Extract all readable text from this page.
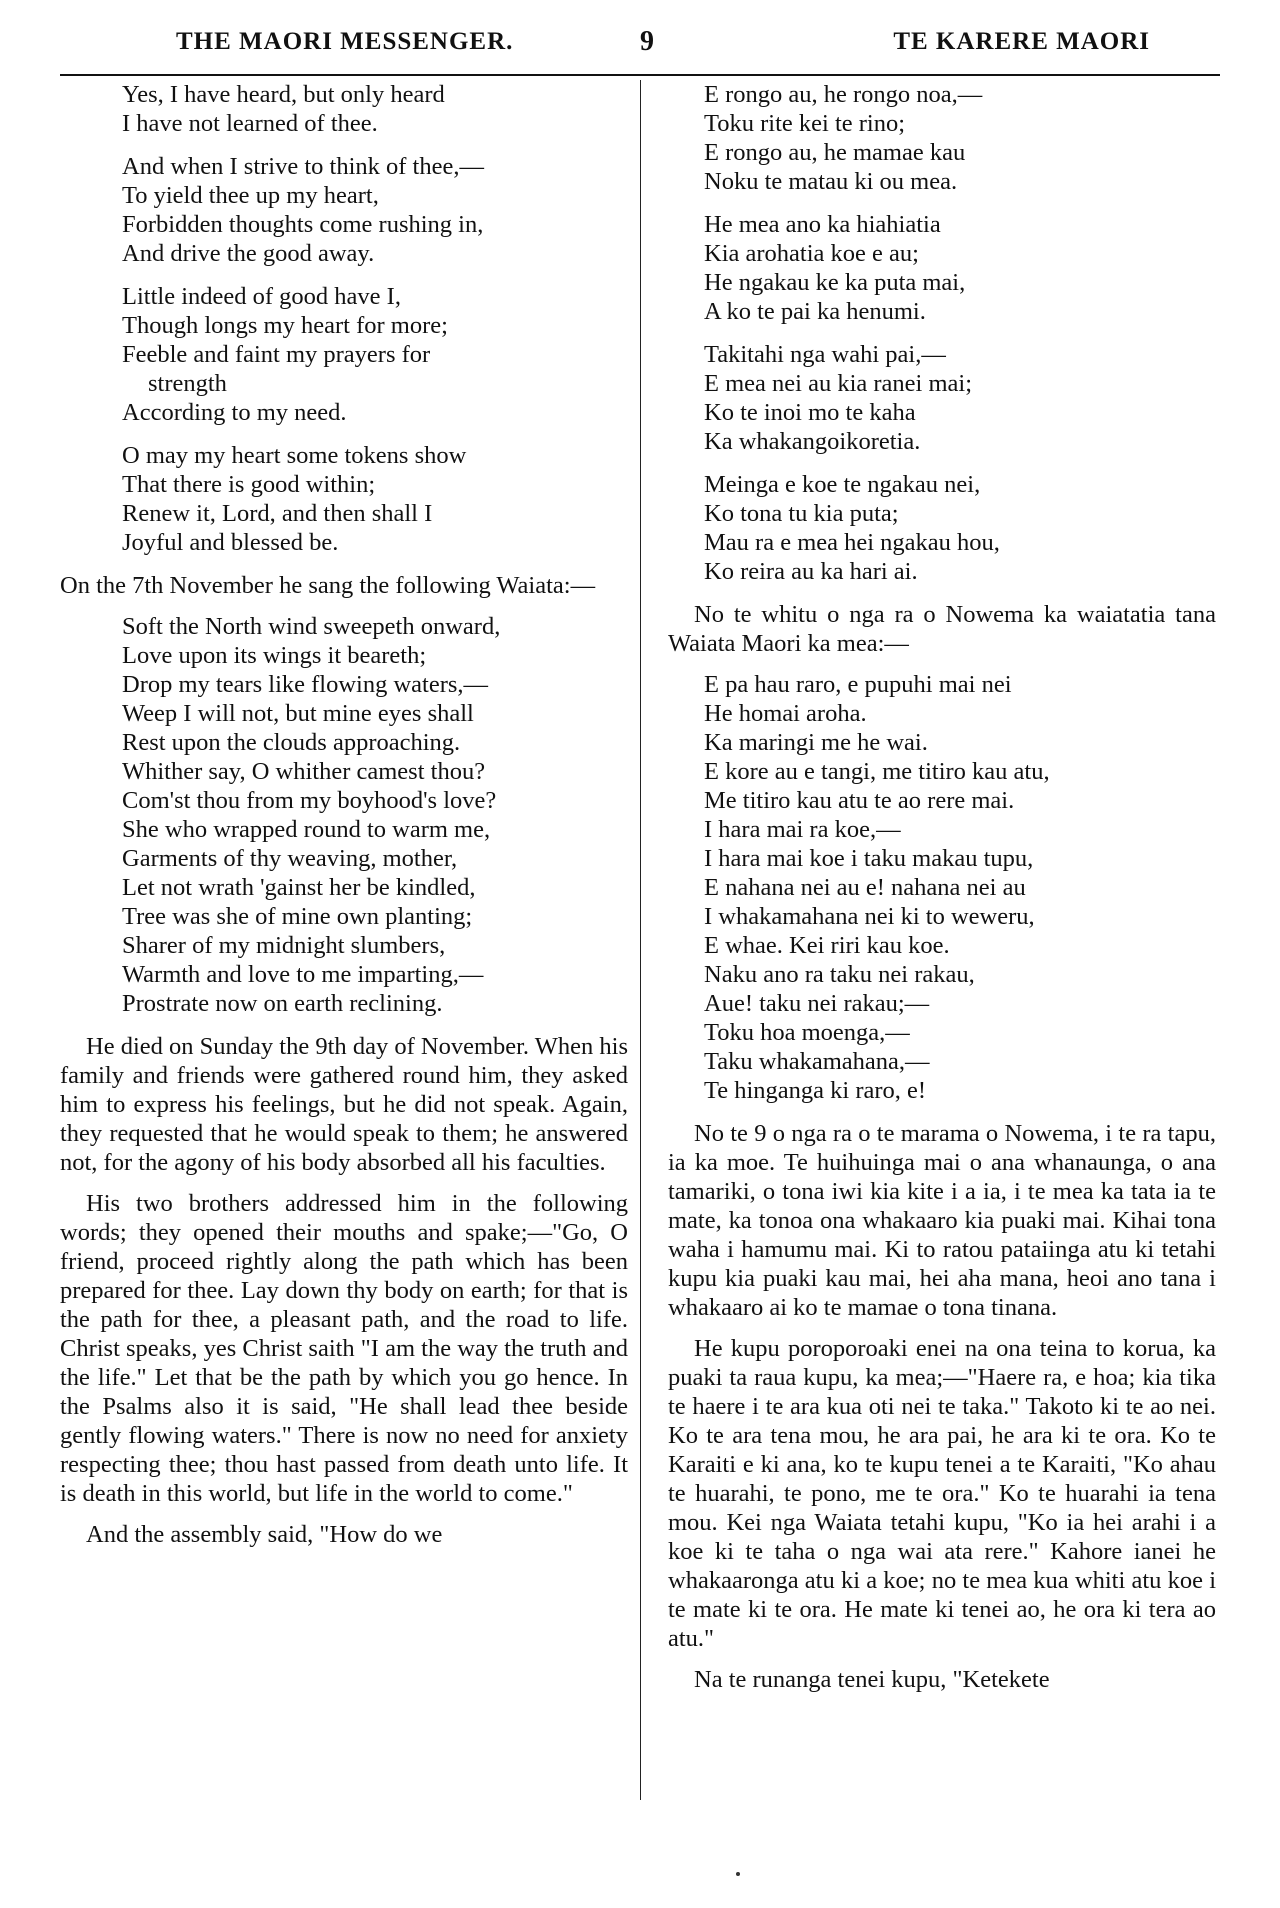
THE MAORI MESSENGER.	9	TE KARERE MAORI
Yes, I have heard, but only heard
I have not learned of thee.
And when I strive to think of thee,—
To yield thee up my heart,
Forbidden thoughts come rushing in,
And drive the good away.
Little indeed of good have I,
Though longs my heart for more;
Feeble and faint my prayers for
strength
According to my need.
O may my heart some tokens show
That there is good within;
Renew it, Lord, and then shall I
Joyful and blessed be.

On the 7th November he sang the following Waiata:—

Soft the North wind sweepeth onward,
Love upon its wings it beareth;
Drop my tears like flowing waters,—
Weep I will not, but mine eyes shall
Rest upon the clouds approaching.
Whither say, O whither camest thou?
Com'st thou from my boyhood's love?
She who wrapped round to warm me,
Garments of thy weaving, mother,
Let not wrath 'gainst her be kindled,
Tree was she of mine own planting;
Sharer of my midnight slumbers,
Warmth and love to me imparting,—
Prostrate now on earth reclining.

He died on Sunday the 9th day of November. When his family and friends were gathered round him, they asked him to express his feelings, but he did not speak. Again, they requested that he would speak to them; he answered not, for the agony of his body absorbed all his faculties.

His two brothers addressed him in the following words; they opened their mouths and spake;—"Go, O friend, proceed rightly along the path which has been prepared for thee. Lay down thy body on earth; for that is the path for thee, a pleasant path, and the road to life. Christ speaks, yes Christ saith "I am the way the truth and the life." Let that be the path by which you go hence. In the Psalms also it is said, "He shall lead thee beside gently flowing waters." There is now no need for anxiety respecting thee; thou hast passed from death unto life. It is death in this world, but life in the world to come."

And the assembly said, "How do we

E rongo au, he rongo noa,—
Toku rite kei te rino;
E rongo au, he mamae kau
Noku te matau ki ou mea.
He mea ano ka hiahiatia
Kia arohatia koe e au;
He ngakau ke ka puta mai,
A ko te pai ka henumi.
Takitahi nga wahi pai,—
E mea nei au kia ranei mai;
Ko te inoi mo te kaha
Ka whakangoikoretia.
Meinga e koe te ngakau nei,
Ko tona tu kia puta;
Mau ra e mea hei ngakau hou,
Ko reira au ka hari ai.

No te whitu o nga ra o Nowema ka waiatatia tana Waiata Maori ka mea:—

E pa hau raro, e pupuhi mai nei
He homai aroha.
Ka maringi me he wai.
E kore au e tangi, me titiro kau atu,
Me titiro kau atu te ao rere mai.
I hara mai ra koe,—
I hara mai koe i taku makau tupu,
E nahana nei au e! nahana nei au
I whakamahana nei ki to weweru,
E whae. Kei riri kau koe.
Naku ano ra taku nei rakau,
Aue! taku nei rakau;—
Toku hoa moenga,—
Taku whakamahana,—
Te hinganga ki raro, e!

No te 9 o nga ra o te marama o Nowema, i te ra tapu, ia ka moe. Te huihuinga mai o ana whanaunga, o ana tamariki, o tona iwi kia kite i a ia, i te mea ka tata ia te mate, ka tonoa ona whakaaro kia puaki mai. Kihai tona waha i hamumu mai. Ki to ratou pataiinga atu ki tetahi kupu kia puaki kau mai, hei aha mana, heoi ano tana i whakaaro ai ko te mamae o tona tinana.

He kupu poroporoaki enei na ona teina to korua, ka puaki ta raua kupu, ka mea;—"Haere ra, e hoa; kia tika te haere i te ara kua oti nei te taka." Takoto ki te ao nei. Ko te ara tena mou, he ara pai, he ara ki te ora. Ko te Karaiti e ki ana, ko te kupu tenei a te Karaiti, "Ko ahau te huarahi, te pono, me te ora." Ko te huarahi ia tena mou. Kei nga Waiata tetahi kupu, "Ko ia hei arahi i a koe ki te taha o nga wai ata rere." Kahore ianei he whakaaronga atu ki a koe; no te mea kua whiti atu koe i te mate ki te ora. He mate ki tenei ao, he ora ki tera ao atu."

Na te runanga tenei kupu, "Ketekete
